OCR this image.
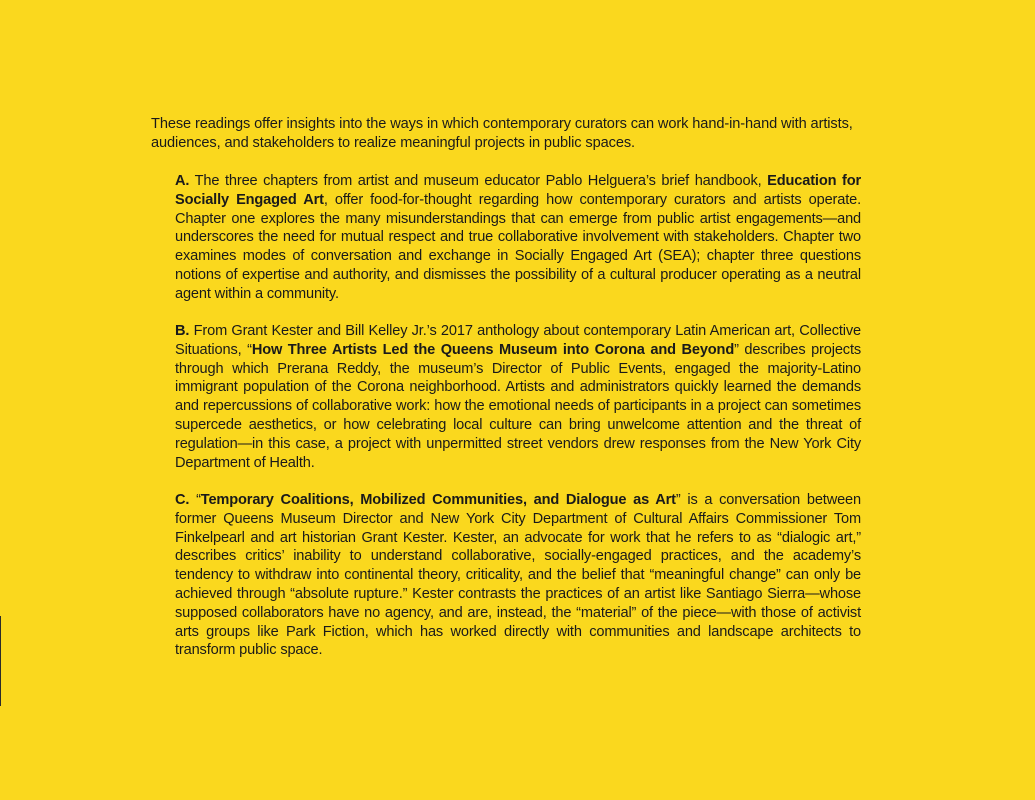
These readings offer insights into the ways in which contemporary curators can work hand-in-hand with artists, audiences, and stakeholders to realize meaningful projects in public spaces.

A. The three chapters from artist and museum educator Pablo Helguera’s brief handbook, Education for Socially Engaged Art, offer food-for-thought regarding how contemporary curators and artists operate. Chapter one explores the many misunderstandings that can emerge from public artist engagements—and underscores the need for mutual respect and true collaborative involvement with stakeholders. Chapter two examines modes of conversation and exchange in Socially Engaged Art (SEA); chapter three questions notions of expertise and authority, and dismisses the possibility of a cultural producer operating as a neutral agent within a community.

B. From Grant Kester and Bill Kelley Jr.’s 2017 anthology about contemporary Latin American art, Collective Situations, “How Three Artists Led the Queens Museum into Corona and Beyond” describes projects through which Prerana Reddy, the museum’s Director of Public Events, engaged the majority-Latino immigrant population of the Corona neighborhood. Artists and administrators quickly learned the demands and repercussions of collaborative work: how the emotional needs of participants in a project can sometimes supercede aesthetics, or how celebrating local culture can bring unwelcome attention and the threat of regulation—in this case, a project with unpermitted street vendors drew responses from the New York City Department of Health.

C. “Temporary Coalitions, Mobilized Communities, and Dialogue as Art” is a conversation between former Queens Museum Director and New York City Department of Cultural Affairs Commissioner Tom Finkelpearl and art historian Grant Kester. Kester, an advocate for work that he refers to as “dialogic art,” describes critics’ inability to understand collaborative, socially-engaged practices, and the academy’s tendency to withdraw into continental theory, criticality, and the belief that “meaningful change” can only be achieved through “absolute rupture.” Kester contrasts the practices of an artist like Santiago Sierra—whose supposed collaborators have no agency, and are, instead, the “material” of the piece—with those of activist arts groups like Park Fiction, which has worked directly with communities and landscape architects to transform public space.
